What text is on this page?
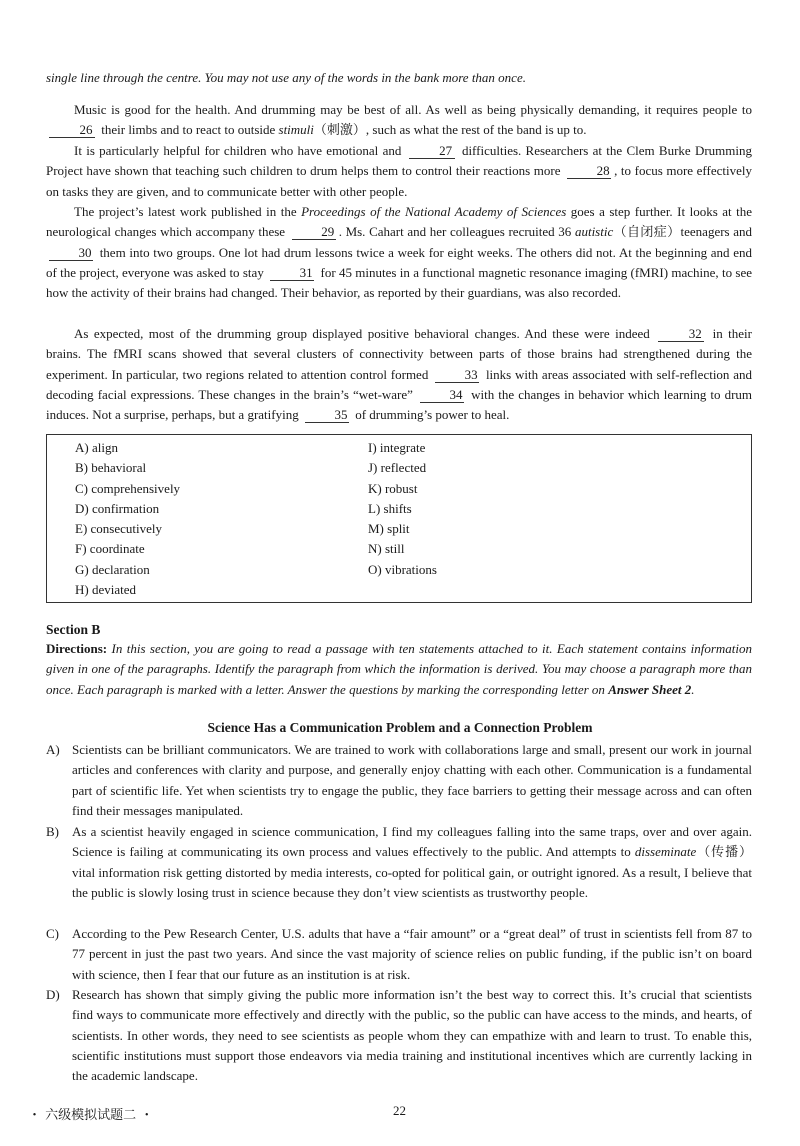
single line through the centre. You may not use any of the words in the bank more than once.

Music is good for the health. And drumming may be best of all. As well as being physically demanding, it requires people to 26 their limbs and to react to outside stimuli（刺激）, such as what the rest of the band is up to.

It is particularly helpful for children who have emotional and	27 difficulties. Researchers at the Clem Burke Drumming Project have shown that teaching such children to drum helps them to control their reactions more	28 , to focus more effectively on tasks they are given, and to communicate better with other people.

The project’s latest work published in the Proceedings of the National Academy of Sciences goes a step further. It looks at the neurological changes which accompany these	29 . Ms. Cahart and her colleagues recruited 36 autistic（自闭症）teenagers and 30 them into two groups. One lot had drum lessons twice a week for eight weeks. The others did not. At the beginning and end of the project, everyone was asked to stay	31 for 45 minutes in a functional magnetic resonance imaging (fMRI) machine, to see how the activity of their brains had changed. Their behavior, as reported by their guardians, was also recorded.

As expected, most of the drumming group displayed positive behavioral changes. And these were indeed	32 in their brains. The fMRI scans showed that several clusters of connectivity between parts of those brains had strengthened during the experiment. In particular, two regions related to attention control formed	33 links with areas associated with self-reflection and decoding facial expressions. These changes in the brain’s “wet-ware”	34 with the changes in behavior which learning to drum induces. Not a surprise, perhaps, but a gratifying	35 of drumming’s power to heal.

A) align
B) behavioral
C) comprehensively
D) confirmation
E) consecutively
F) coordinate
G) declaration
H) deviated
I) integrate
J) reflected
K) robust
L) shifts
M) split
N) still
O) vibrations
Section B

Directions: In this section, you are going to read a passage with ten statements attached to it. Each statement contains information given in one of the paragraphs. Identify the paragraph from which the information is derived. You may choose a paragraph more than once. Each paragraph is marked with a letter. Answer the questions by marking the corresponding letter on Answer Sheet 2.

Science Has a Communication Problem and a Connection Problem
A) Scientists can be brilliant communicators. We are trained to work with collaborations large and small, present our work in journal articles and conferences with clarity and purpose, and generally enjoy chatting with each other. Communication is a fundamental part of scientific life. Yet when scientists try to engage the public, they face barriers to getting their message across and can often find their messages manipulated.
B) As a scientist heavily engaged in science communication, I find my colleagues falling into the same traps, over and over again. Science is failing at communicating its own process and values effectively to the public. And attempts to disseminate（传播）vital information risk getting distorted by media interests, co-opted for political gain, or outright ignored. As a result, I believe that the public is slowly losing trust in science because they don’t view scientists as trustworthy people.
C) According to the Pew Research Center, U.S. adults that have a “fair amount” or a “great deal” of trust in scientists fell from 87 to 77 percent in just the past two years. And since the vast majority of science relies on public funding, if the public isn’t on board with science, then I fear that our future as an institution is at risk.
D) Research has shown that simply giving the public more information isn’t the best way to correct this. It’s crucial that scientists find ways to communicate more effectively and directly with the public, so the public can have access to the minds, and hearts, of scientists. In other words, they need to see scientists as people whom they can empathize with and learn to trust. To enable this, scientific institutions must support those endeavors via media training and institutional incentives which are currently lacking in the academic landscape.
・ 六级模拟试题二 ・	22
